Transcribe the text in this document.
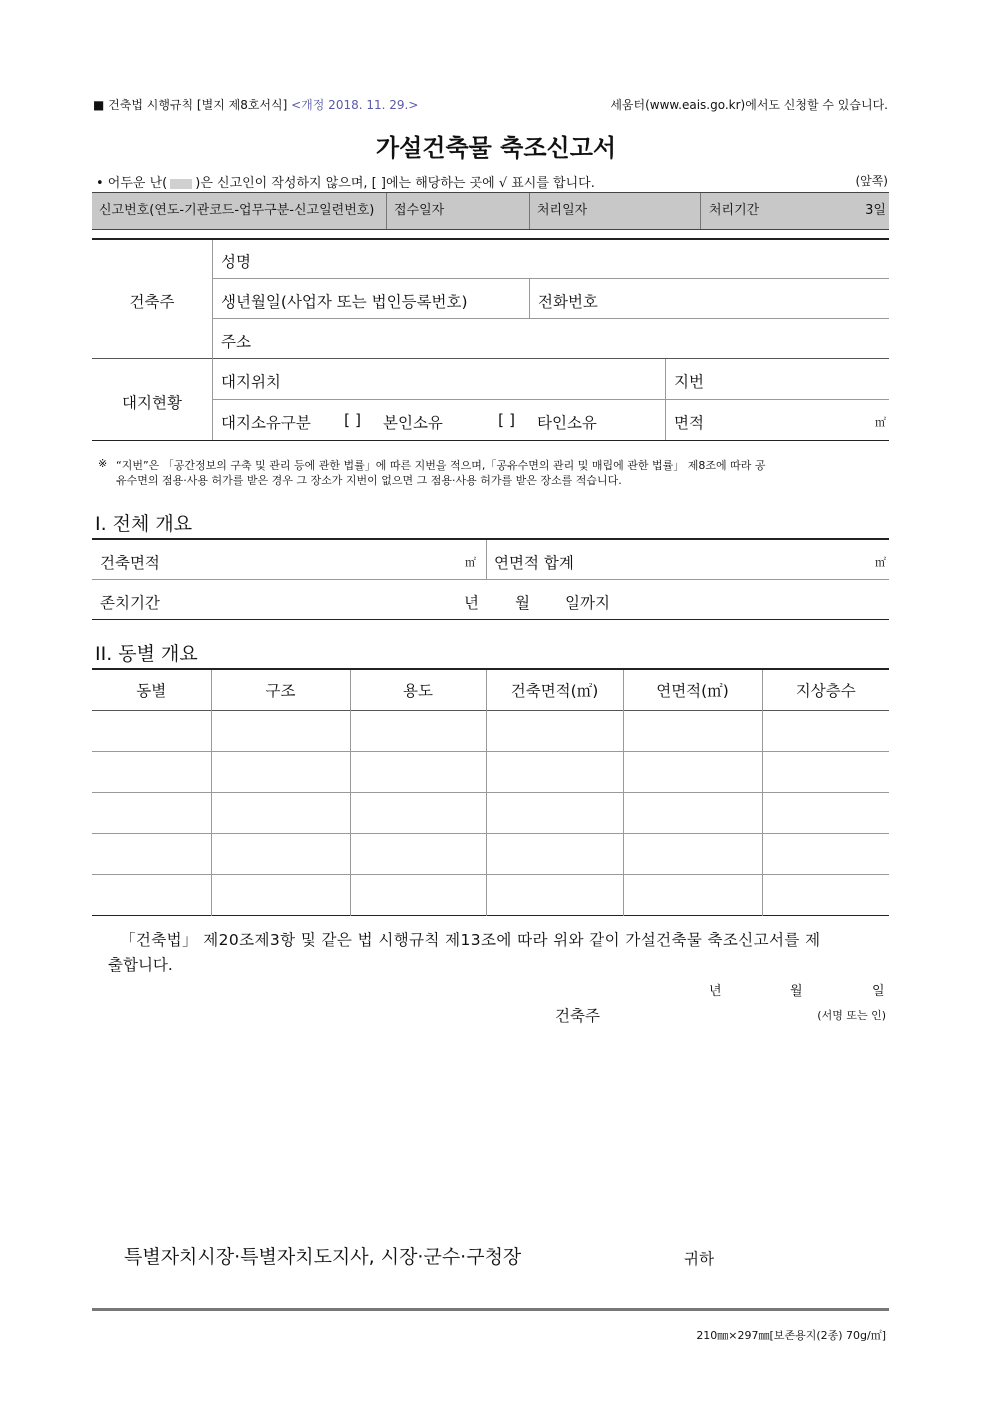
■ 건축법 시행규칙 [별지 제8호서식] <개정 2018. 11. 29.>	세움터(www.eais.go.kr)에서도 신청할 수 있습니다.
가설건축물 축조신고서
• 어두운 난( )은 신고인이 작성하지 않으며, [ ]에는 해당하는 곳에 √ 표시를 합니다.	(앞쪽)
신고번호(연도-기관코드-업무구분-신고일련번호) 접수일자	처리일자	처리기간	3일
건축주
성명
생년월일(사업자 또는 법인등록번호)	전화번호
주소
대지현황
대지위치	지번
대지소유구분 [ ] 본인소유	[ ] 타인소유	면적	㎡
※ “지번”은 「공간정보의 구축 및 관리 등에 관한 법률」에 따른 지번을 적으며,「공유수면의 관리 및 매립에 관한 법률」 제8조에 따라 공
유수면의 점용·사용 허가를 받은 경우 그 장소가 지번이 없으면 그 점용·사용 허가를 받은 장소를 적습니다.
I. 전체 개요
건축면적	㎡ 연면적 합계	㎡
존치기간	년 월 일까지
II. 동별 개요
동별	구조	용도	건축면적(㎡)	연면적(㎡)	지상층수

「건축법」 제20조제3항 및 같은 법 시행규칙 제13조에 따라 위와 같이 가설건축물 축조신고서를 제
출합니다.
년	월	일
건축주	(서명 또는 인)
특별자치시장·특별자치도지사, 시장·군수·구청장	귀하
210㎜×297㎜[보존용지(2종) 70g/㎡]
